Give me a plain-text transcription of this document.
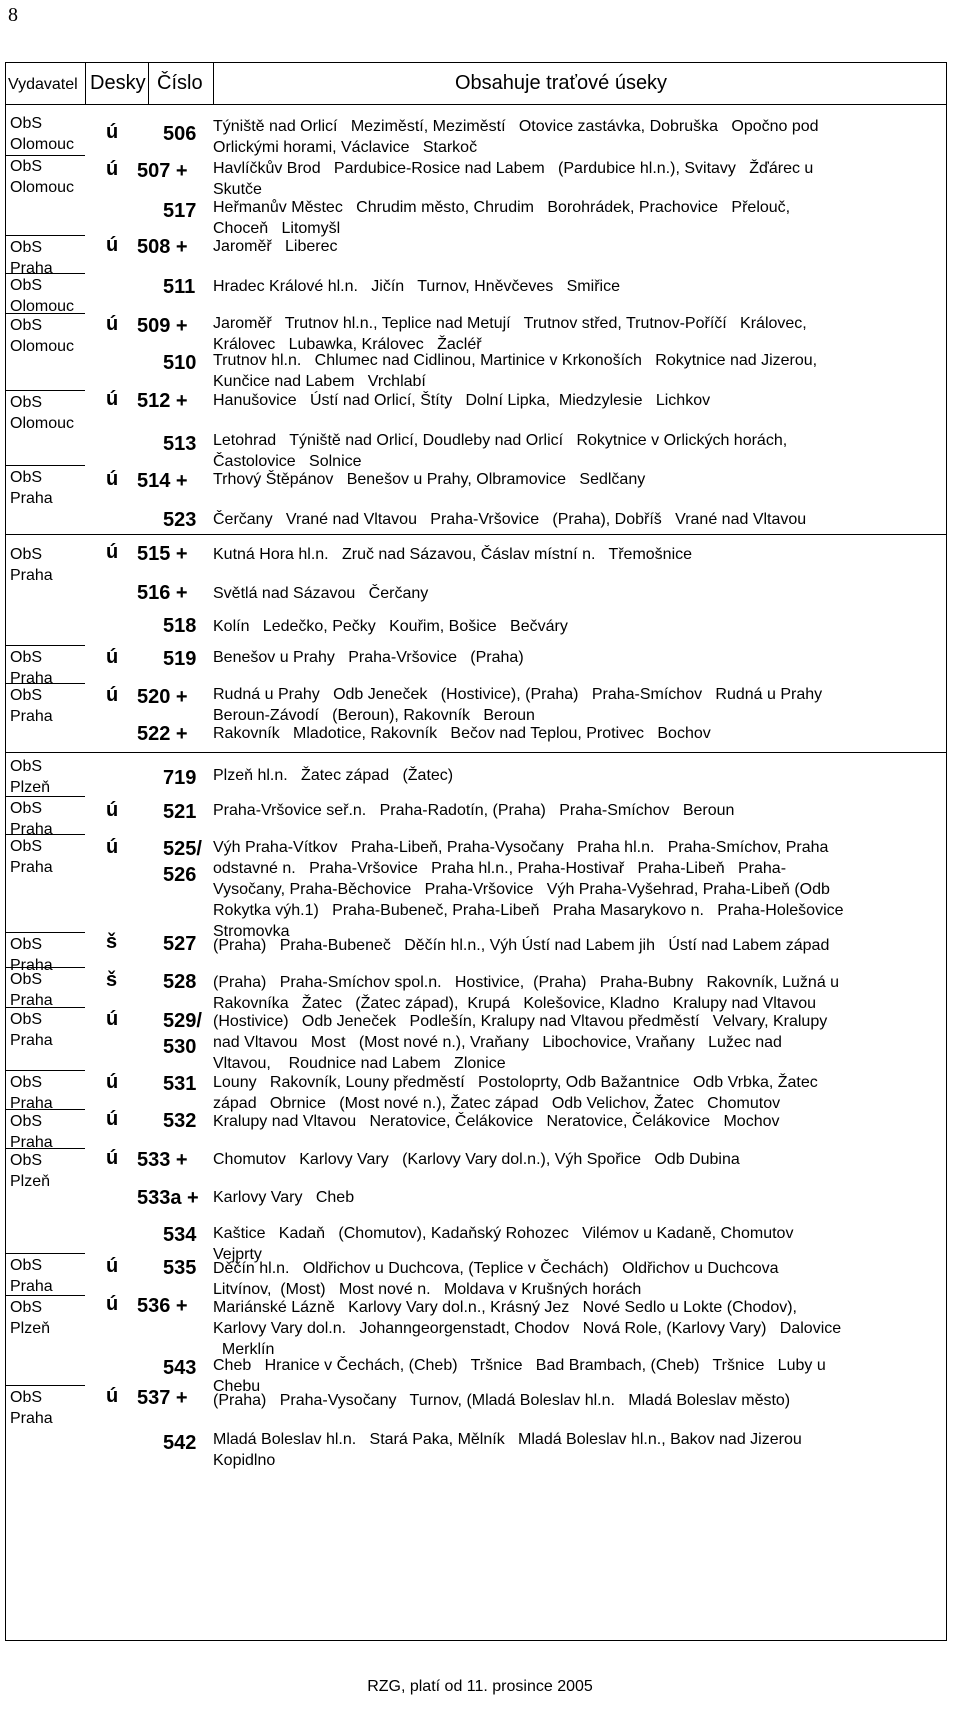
8
Vydavatel Desky Číslo	Obsahuje traťové úseky
ObS
Olomouc
ObS
Olomouc
ObS
Praha
ObS
Olomouc
ObS
Olomouc
ObS
Olomouc
ObS
Praha
ObS
Praha
ObS
Praha
ObS
Praha
ObS
Plzeň
ObS
Praha
ObS
Praha
ObS
Praha
ObS
Praha
ObS
Praha
ObS
Praha
ObS
Praha
ObS
Plzeň
ObS
Praha
ObS
Plzeň
ObS
Praha
ú
ú
ú
ú
ú
ú
ú
ú
ú
ú
ú
š
š
ú
ú
ú
ú
ú
ú
ú
506
507 +
517
508 +
511
509 +
510
512 +
513
514 +
523
515 +
516 +
518
519
520 +
522 +
719
521
525/
526
527
528
529/
530
531
532
533 +
533a +
534
535
536 +
543
537 +
542
Týniště nad Orlicí   Meziměstí, Meziměstí   Otovice zastávka, Dobruška   Opočno pod
Orlickými horami, Václavice   Starkoč
Havlíčkův Brod   Pardubice-Rosice nad Labem   (Pardubice hl.n.), Svitavy   Žďárec u
Skutče
Heřmanův Městec   Chrudim město, Chrudim   Borohrádek, Prachovice   Přelouč,
Choceň   Litomyšl
Jaroměř   Liberec
Hradec Králové hl.n.   Jičín   Turnov, Hněvčeves   Smiřice
Jaroměř   Trutnov hl.n., Teplice nad Metují   Trutnov střed, Trutnov-Poříčí   Královec,
Královec   Lubawka, Královec   Žacléř
Trutnov hl.n.   Chlumec nad Cidlinou, Martinice v Krkonoších   Rokytnice nad Jizerou,
Kunčice nad Labem   Vrchlabí
Hanušovice   Ústí nad Orlicí, Štíty   Dolní Lipka,  Miedzylesie   Lichkov
Letohrad   Týniště nad Orlicí, Doudleby nad Orlicí   Rokytnice v Orlických horách,
Častolovice   Solnice
Trhový Štěpánov   Benešov u Prahy, Olbramovice   Sedlčany
Čerčany   Vrané nad Vltavou   Praha-Vršovice   (Praha), Dobříš   Vrané nad Vltavou
Kutná Hora hl.n.   Zruč nad Sázavou, Čáslav místní n.   Třemošnice
Světlá nad Sázavou   Čerčany
Kolín   Ledečko, Pečky   Kouřim, Bošice   Bečváry
Benešov u Prahy   Praha-Vršovice   (Praha)
Rudná u Prahy   Odb Jeneček   (Hostivice), (Praha)   Praha-Smíchov   Rudná u Prahy
Beroun-Závodí   (Beroun), Rakovník   Beroun
Rakovník   Mladotice, Rakovník   Bečov nad Teplou, Protivec   Bochov
Plzeň hl.n.   Žatec západ   (Žatec)
Praha-Vršovice seř.n.   Praha-Radotín, (Praha)   Praha-Smíchov   Beroun
Výh Praha-Vítkov   Praha-Libeň, Praha-Vysočany   Praha hl.n.   Praha-Smíchov, Praha
odstavné n.   Praha-Vršovice   Praha hl.n., Praha-Hostivař   Praha-Libeň   Praha-
Vysočany, Praha-Běchovice   Praha-Vršovice   Výh Praha-Vyšehrad, Praha-Libeň (Odb
Rokytka výh.1)   Praha-Bubeneč, Praha-Libeň   Praha Masarykovo n.   Praha-Holešovice
Stromovka
(Praha)   Praha-Bubeneč   Děčín hl.n., Výh Ústí nad Labem jih   Ústí nad Labem západ
(Praha)   Praha-Smíchov spol.n.   Hostivice,  (Praha)   Praha-Bubny   Rakovník, Lužná u
Rakovníka   Žatec   (Žatec západ),  Krupá   Kolešovice, Kladno   Kralupy nad Vltavou
(Hostivice)   Odb Jeneček   Podlešín, Kralupy nad Vltavou předměstí   Velvary, Kralupy
nad Vltavou   Most   (Most nové n.), Vraňany   Libochovice, Vraňany   Lužec nad
Vltavou,    Roudnice nad Labem   Zlonice
Louny   Rakovník, Louny předměstí   Postoloprty, Odb Bažantnice   Odb Vrbka, Žatec
západ   Obrnice   (Most nové n.), Žatec západ   Odb Velichov, Žatec   Chomutov
Kralupy nad Vltavou   Neratovice, Čelákovice   Neratovice, Čelákovice   Mochov
Chomutov   Karlovy Vary   (Karlovy Vary dol.n.), Výh Spořice   Odb Dubina
Karlovy Vary   Cheb
Kaštice   Kadaň   (Chomutov), Kadaňský Rohozec   Vilémov u Kadaně, Chomutov
Vejprty
Děčín hl.n.   Oldřichov u Duchcova, (Teplice v Čechách)   Oldřichov u Duchcova
Litvínov,  (Most)   Most nové n.   Moldava v Krušných horách
Mariánské Lázně   Karlovy Vary dol.n., Krásný Jez   Nové Sedlo u Lokte (Chodov),
Karlovy Vary dol.n.   Johanngeorgenstadt, Chodov   Nová Role, (Karlovy Vary)   Dalovice
Merklín
Cheb   Hranice v Čechách, (Cheb)   Tršnice   Bad Brambach, (Cheb)   Tršnice   Luby u
Chebu
(Praha)   Praha-Vysočany   Turnov, (Mladá Boleslav hl.n.   Mladá Boleslav město)
Mladá Boleslav hl.n.   Stará Paka, Mělník   Mladá Boleslav hl.n., Bakov nad Jizerou
Kopidlno
RZG, platí od 11. prosince 2005
